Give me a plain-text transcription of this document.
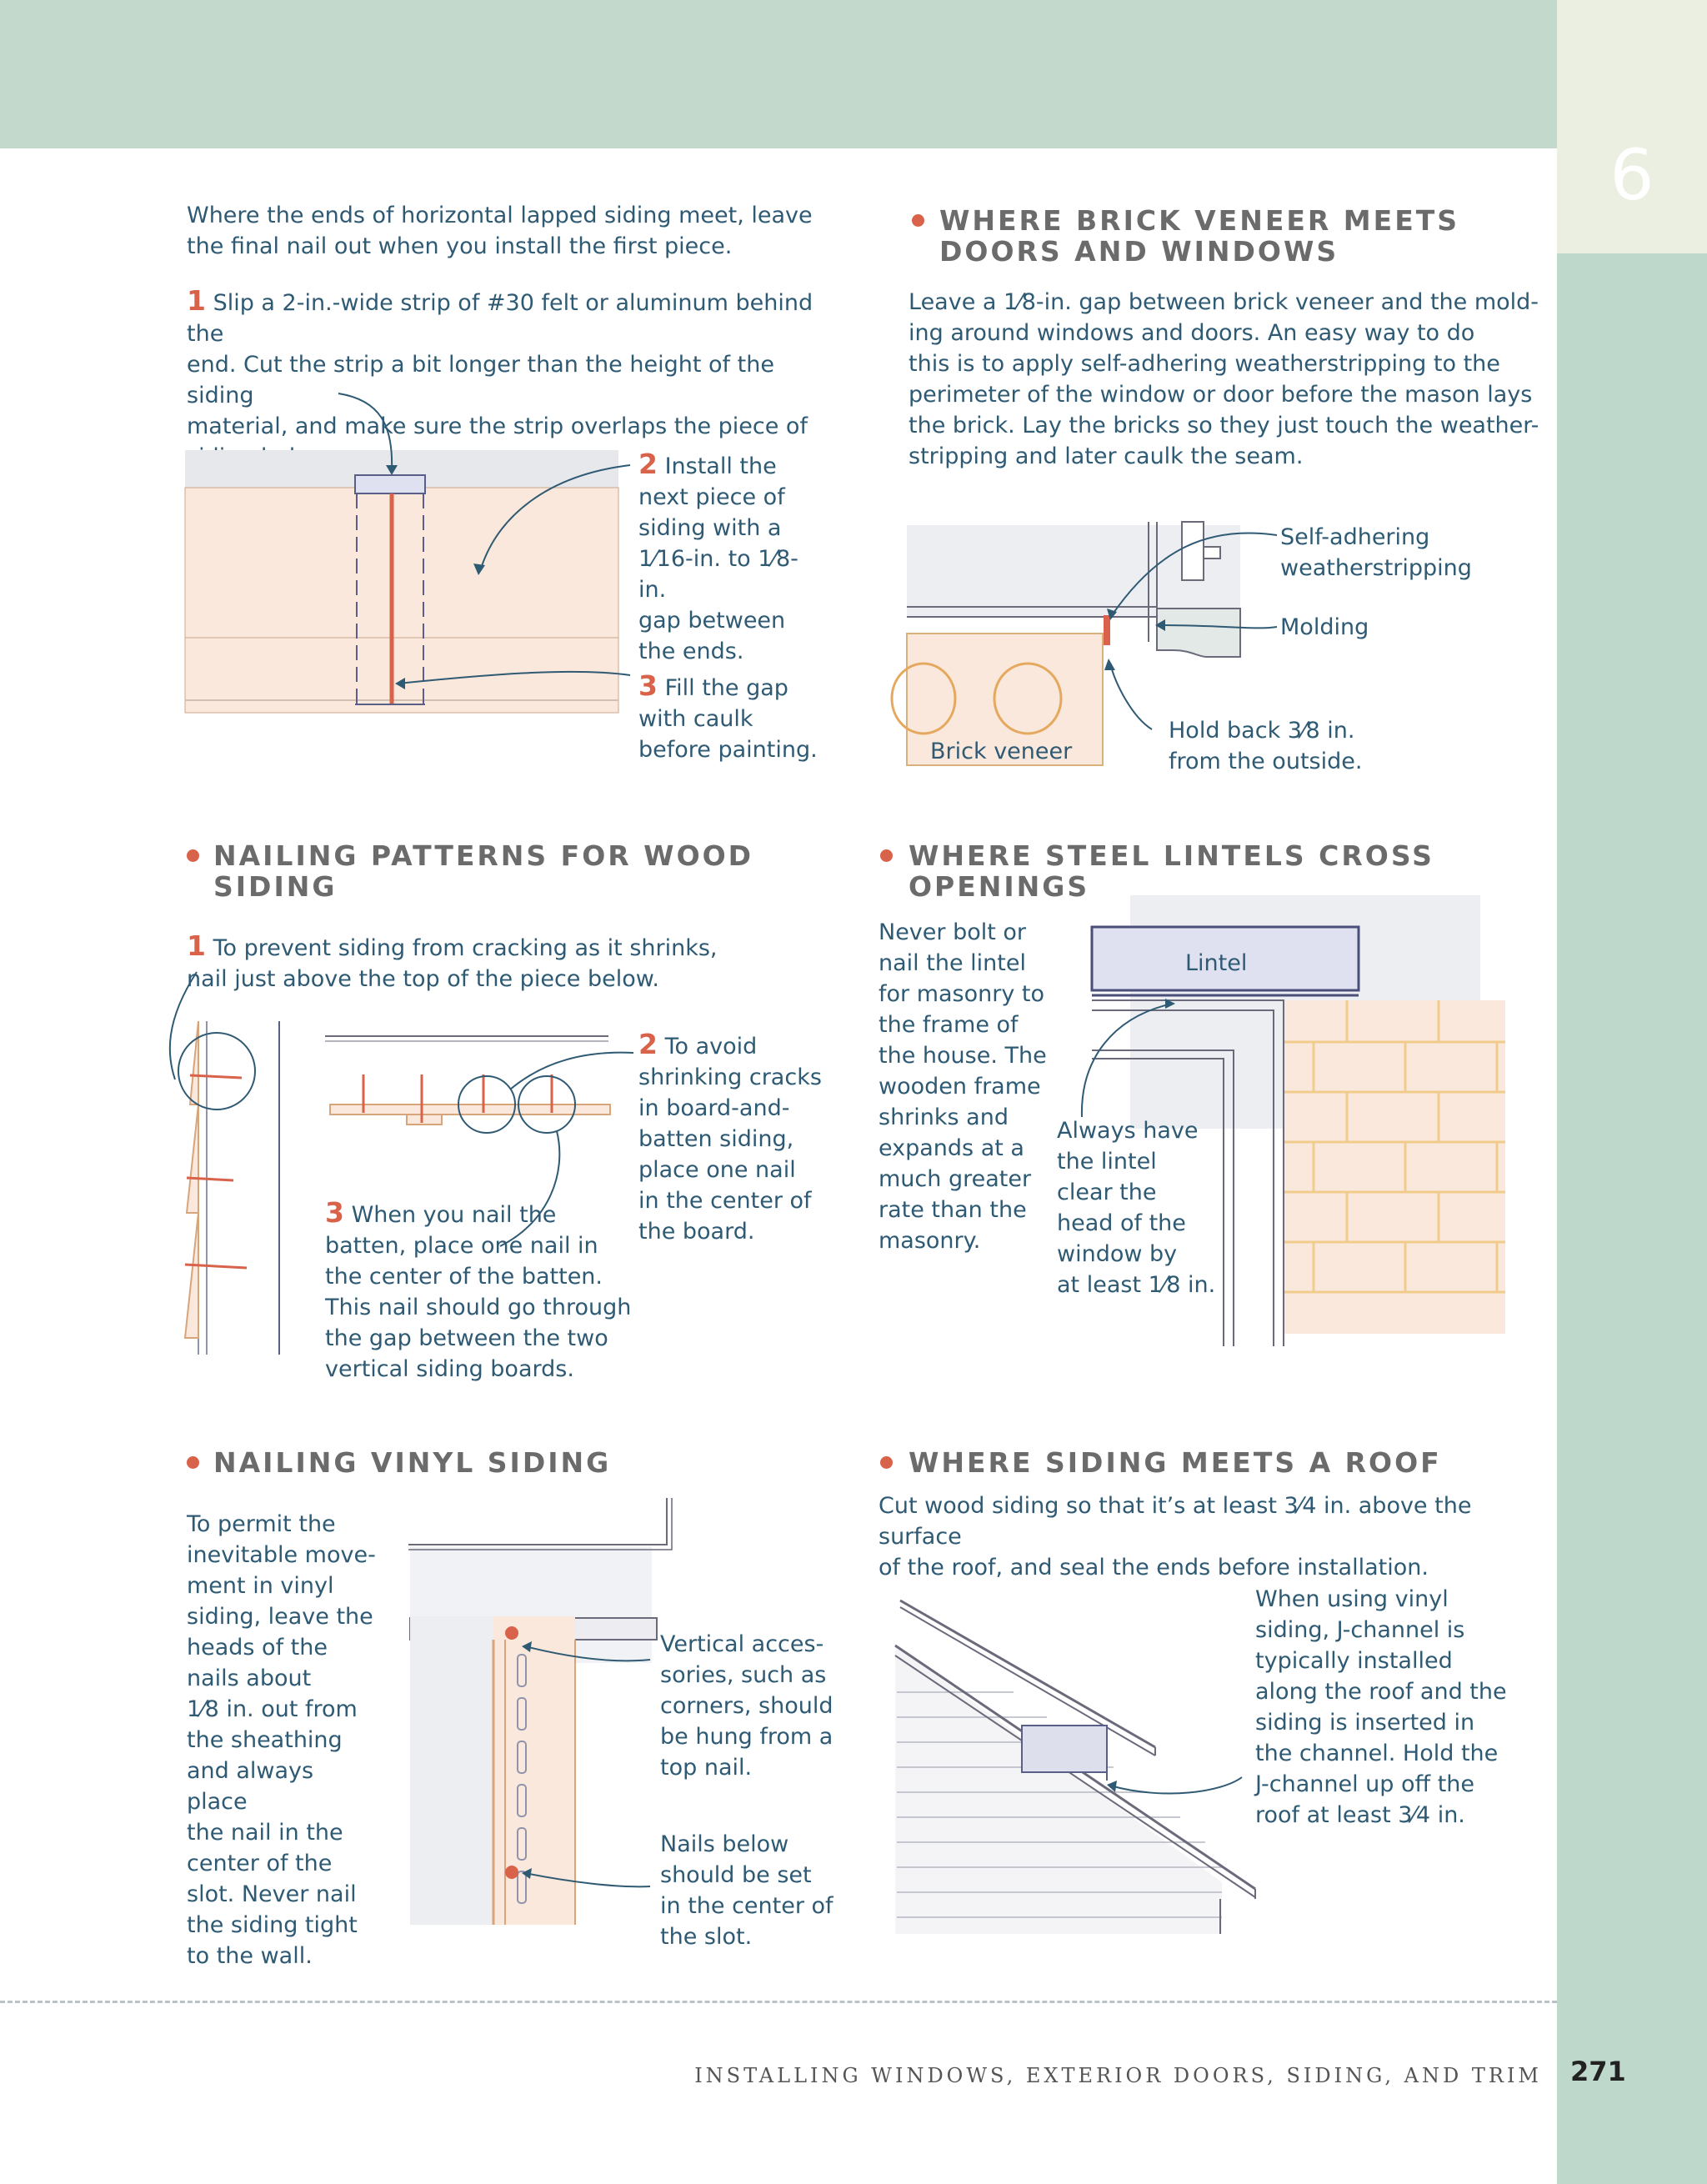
6
Where the ends of horizontal lapped siding meet, leave the final nail out when you install the first piece.
1 Slip a 2-in.-wide strip of #30 felt or aluminum behind the
end. Cut the strip a bit longer than the height of the siding
material, and make sure the strip overlaps the piece of

2 Install the
next piece of
siding with a
1⁄16-in. to 1⁄8-in.
gap between
the ends.
3 Fill the gap
with caulk
before painting.
WHERE BRICK VENEER MEETS
DOORS AND WINDOWS
Leave a 1⁄8-in. gap between brick veneer and the mold-
ing around windows and doors. An easy way to do
this is to apply self-adhering weatherstripping to the
perimeter of the window or door before the mason lays
the brick. Lay the bricks so they just touch the weather-
stripping and later caulk the seam.
Brick veneer
Self-adhering
weatherstripping
Molding
Hold back 3⁄8 in.
from the outside.
NAILING PATTERNS FOR WOOD
SIDING
1 To prevent siding from cracking as it shrinks,
nail just above the top of the piece below.
2 To avoid
shrinking cracks
in board-and-
batten siding,
place one nail
in the center of
the board.
3 When you nail the
batten, place one nail in
the center of the batten.
This nail should go through
the gap between the two
vertical siding boards.
WHERE STEEL LINTELS CROSS
OPENINGS
Never bolt or
nail the lintel
for masonry to
the frame of
the house. The
wooden frame
shrinks and
expands at a
much greater
rate than the
masonry.
Lintel
Always have
the lintel
clear the
head of the
window by
at least 1⁄8 in.
NAILING VINYL SIDING
To permit the
inevitable move-
ment in vinyl
siding, leave the
heads of the
nails about
1⁄8 in. out from
the sheathing
and always place
the nail in the
center of the
slot. Never nail
the siding tight
to the wall.
Vertical acces-
sories, such as
corners, should
be hung from a
top nail.
Nails below
should be set
in the center of
the slot.
WHERE SIDING MEETS A ROOF
Cut wood siding so that it’s at least 3⁄4 in. above the surface
of the roof, and seal the ends before installation.
When using vinyl
siding, J-channel is
typically installed
along the roof and the
siding is inserted in
the channel. Hold the
J-channel up off the
roof at least 3⁄4 in.
INSTALLING WINDOWS, EXTERIOR DOORS, SIDING, AND TRIM	271
